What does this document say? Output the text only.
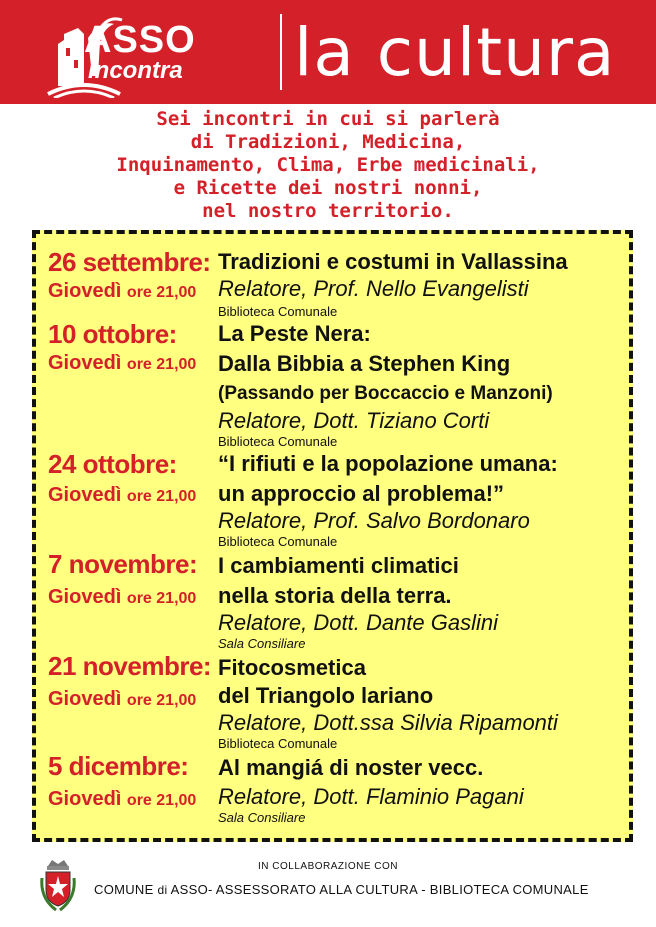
ASSO
incontra la cultura
Sei incontri in cui si parlerà
di Tradizioni, Medicina,
Inquinamento, Clima, Erbe medicinali,
e Ricette dei nostri nonni,
nel nostro territorio.
26 settembre:
Giovedì ore 21,00
Tradizioni e costumi in Vallassina
Relatore, Prof. Nello Evangelisti
Biblioteca Comunale
10 ottobre:
Giovedì ore 21,00
La Peste Nera:
Dalla Bibbia a Stephen King
(Passando per Boccaccio e Manzoni)
Relatore, Dott. Tiziano Corti
Biblioteca Comunale
24 ottobre:
Giovedì ore 21,00
“I rifiuti e la popolazione umana:
un approccio al problema!”
Relatore, Prof. Salvo Bordonaro
Biblioteca Comunale
7 novembre:
Giovedì ore 21,00
I cambiamenti climatici
nella storia della terra.
Relatore, Dott. Dante Gaslini
Sala Consiliare
21 novembre:
Giovedì ore 21,00
Fitocosmetica
del Triangolo lariano
Relatore, Dott.ssa Silvia Ripamonti
Biblioteca Comunale
5 dicembre:
Giovedì ore 21,00
Al mangiá di noster vecc.
Relatore, Dott. Flaminio Pagani
Sala Consiliare
IN COLLABORAZIONE CON
COMUNE di ASSO- ASSESSORATO ALLA CULTURA - BIBLIOTECA COMUNALE
